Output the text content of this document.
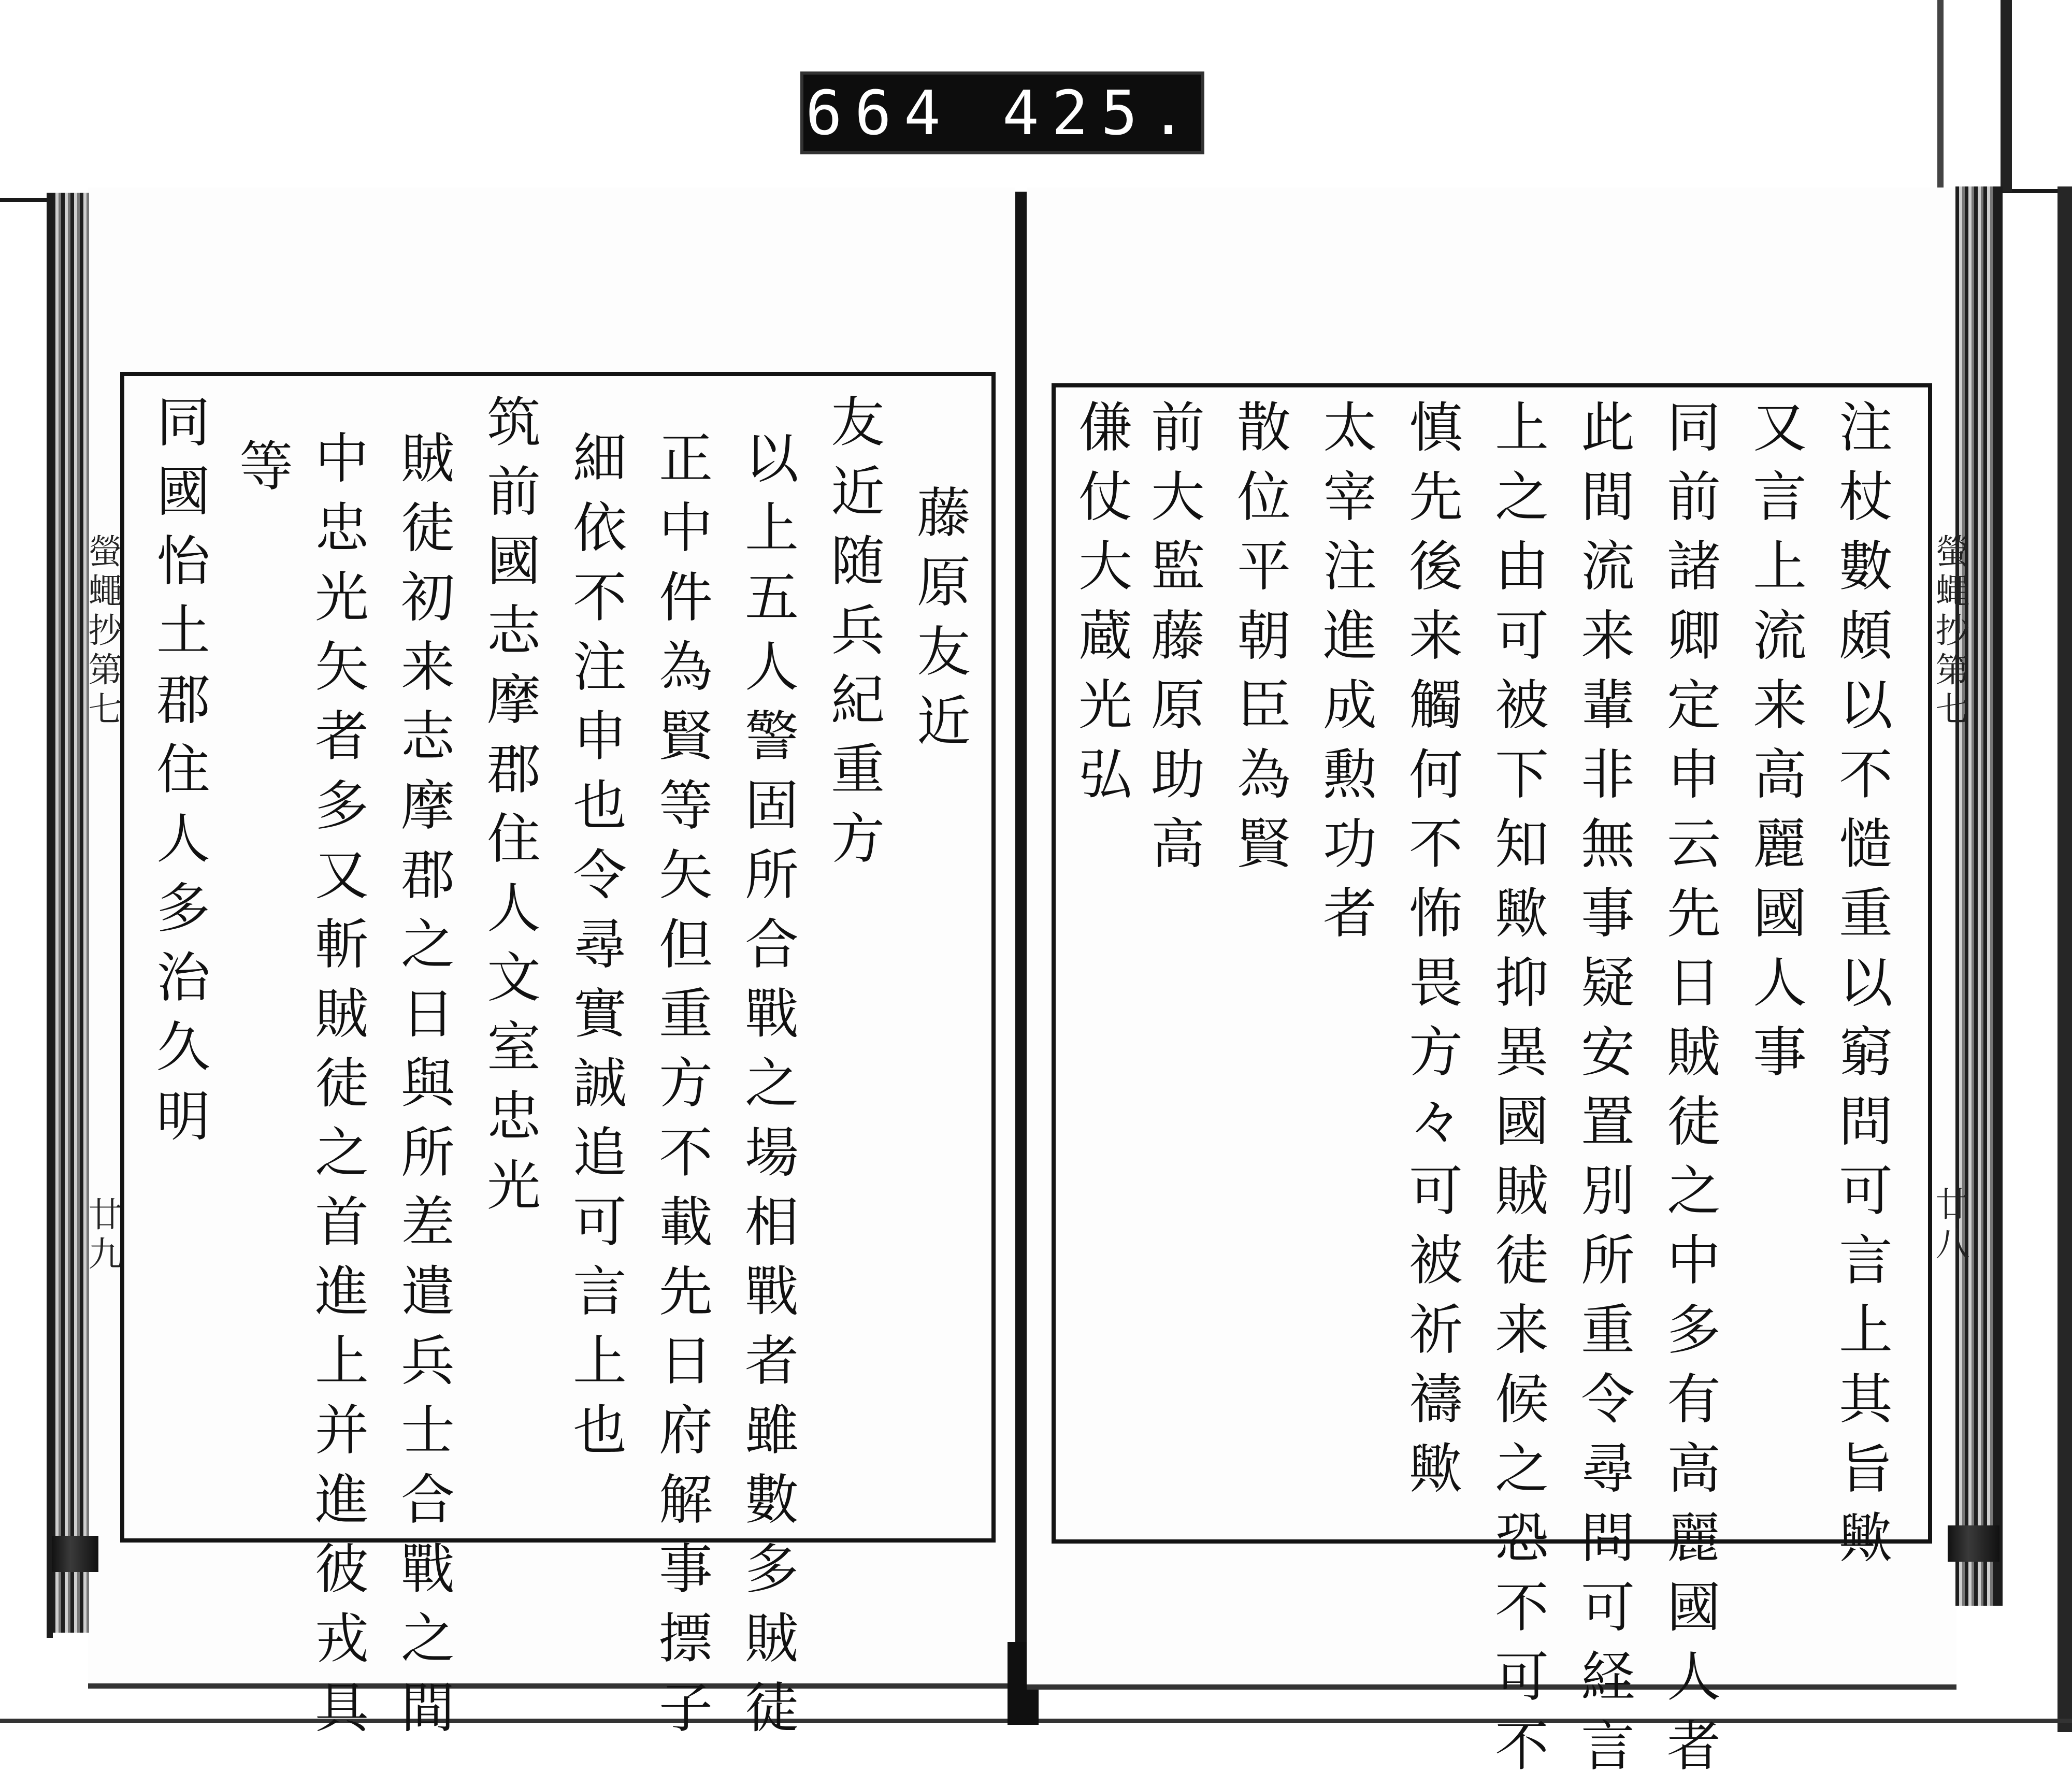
664 425.
螢蠅抄第七
廿九
螢蠅抄第七
廿八
藤原友近
友近随兵紀重方
以上五人警固所合戰之場相戰者雖數多賊徒
正中件為賢等矢但重方不載先日府解事摽子
細依不注申也令尋實誠追可言上也
筑前國志摩郡住人文室忠光
賊徒初来志摩郡之日與所差遣兵士合戰之間
中忠光矢者多又斬賊徒之首進上并進彼戎具
等
同國怡土郡住人多治久明	注杖數頗以不慥重以窮問可言上其旨歟
又言上流来高麗國人事
同前諸卿定申云先日賊徒之中多有高麗國人者
此間流来輩非無事疑安置別所重令尋問可経言
上之由可被下知歟抑異國賊徒来候之恐不可不
慎先後来觸何不怖畏方々可被祈禱歟
太宰注進成勲功者
散位平朝臣為賢
前大監藤原助高
傔仗大蔵光弘
